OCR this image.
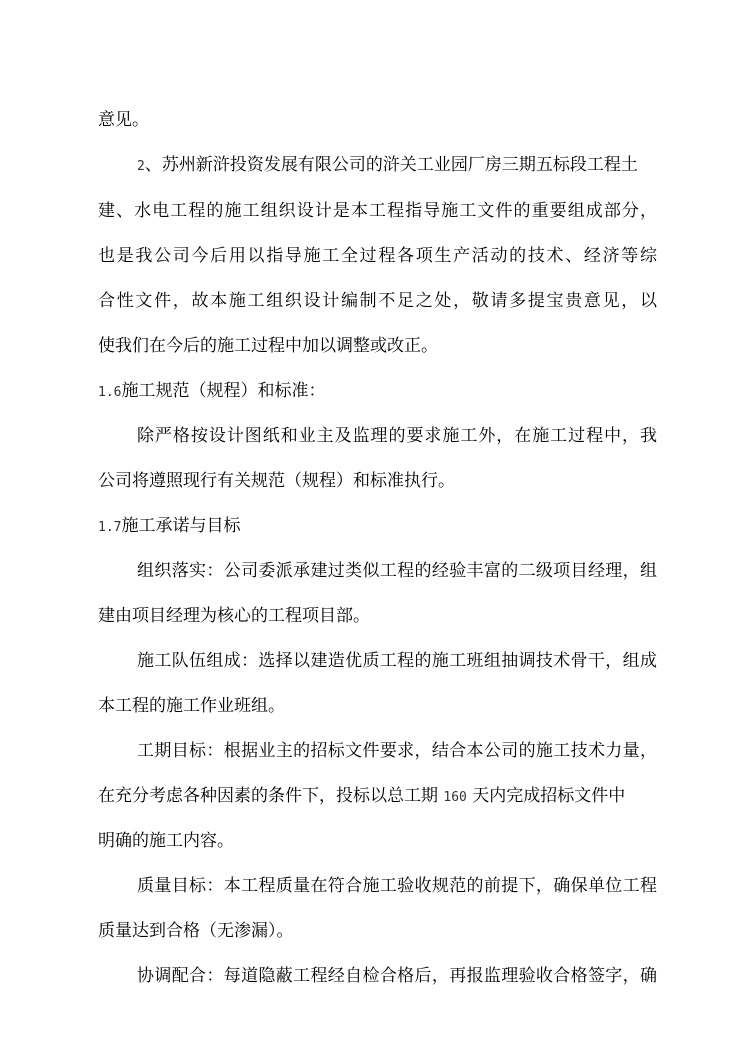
意见。
2、苏州新浒投资发展有限公司的浒关工业园厂房三期五标段工程土
建、水电工程的施工组织设计是本工程指导施工文件的重要组成部分，
也是我公司今后用以指导施工全过程各项生产活动的技术、经济等综
合性文件，故本施工组织设计编制不足之处，敬请多提宝贵意见，以
使我们在今后的施工过程中加以调整或改正。
1.6施工规范（规程）和标准：
除严格按设计图纸和业主及监理的要求施工外，在施工过程中，我
公司将遵照现行有关规范（规程）和标准执行。
1.7施工承诺与目标
组织落实：公司委派承建过类似工程的经验丰富的二级项目经理，组
建由项目经理为核心的工程项目部。
施工队伍组成：选择以建造优质工程的施工班组抽调技术骨干，组成
本工程的施工作业班组。
工期目标：根据业主的招标文件要求，结合本公司的施工技术力量，
在充分考虑各种因素的条件下，投标以总工期 160 天内完成招标文件中
明确的施工内容。
质量目标：本工程质量在符合施工验收规范的前提下，确保单位工程
质量达到合格（无渗漏）。
协调配合：每道隐蔽工程经自检合格后，再报监理验收合格签字，确
